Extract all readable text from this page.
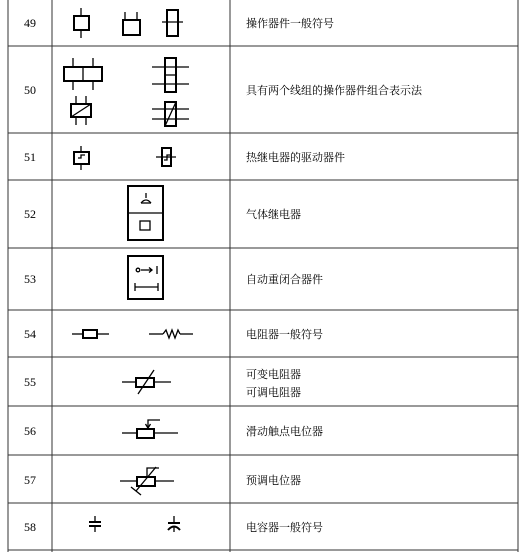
49
50
51
52
53
54
55
56
57
58
操作器件一般符号
具有两个线组的操作器件组合表示法
热继电器的驱动器件
气体继电器
自动重闭合器件
电阻器一般符号
可变电阻器
可调电阻器
滑动触点电位器
预调电位器
电容器一般符号
